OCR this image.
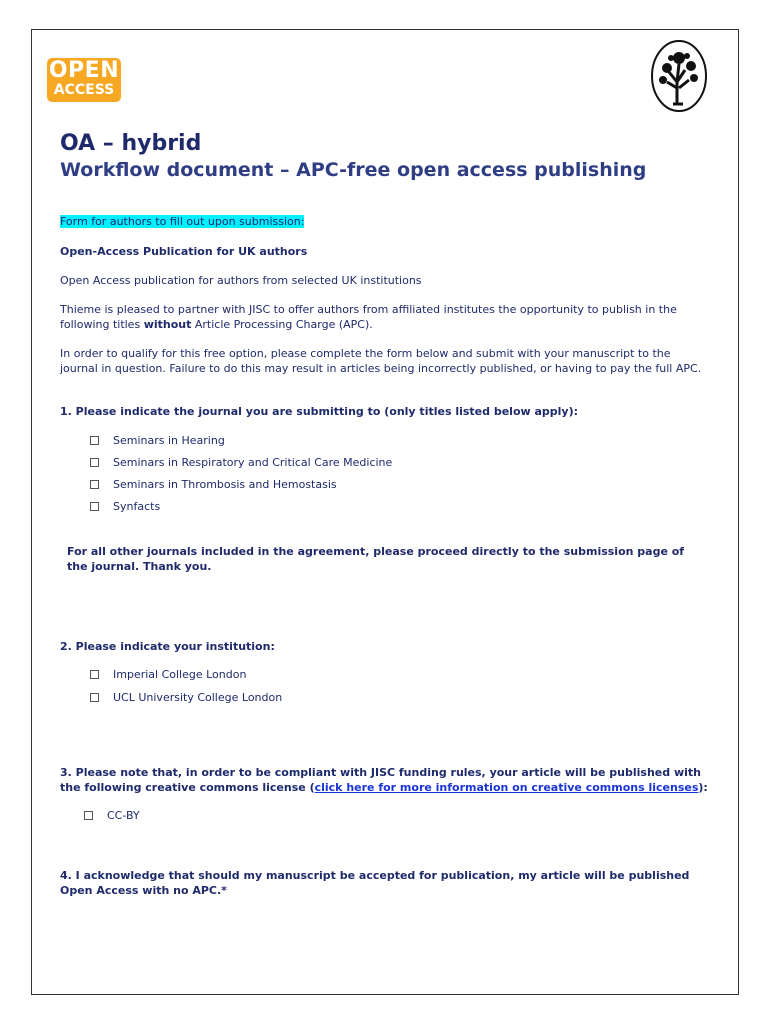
OPEN
ACCESS
OA – hybrid
Workflow document – APC-free open access publishing

Form for authors to fill out upon submission:

Open-Access Publication for UK authors

Open Access publication for authors from selected UK institutions

Thieme is pleased to partner with JISC to offer authors from affiliated institutes the opportunity to publish in the following titles without Article Processing Charge (APC).

In order to qualify for this free option, please complete the form below and submit with your manuscript to the journal in question. Failure to do this may result in articles being incorrectly published, or having to pay the full APC.

1. Please indicate the journal you are submitting to (only titles listed below apply):

Seminars in Hearing
Seminars in Respiratory and Critical Care Medicine
Seminars in Thrombosis and Hemostasis
Synfacts

For all other journals included in the agreement, please proceed directly to the submission page of the journal. Thank you.

2. Please indicate your institution:

Imperial College London
UCL University College London

3. Please note that, in order to be compliant with JISC funding rules, your article will be published with the following creative commons license (click here for more information on creative commons licenses):

CC-BY

4. I acknowledge that should my manuscript be accepted for publication, my article will be published Open Access with no APC.*
